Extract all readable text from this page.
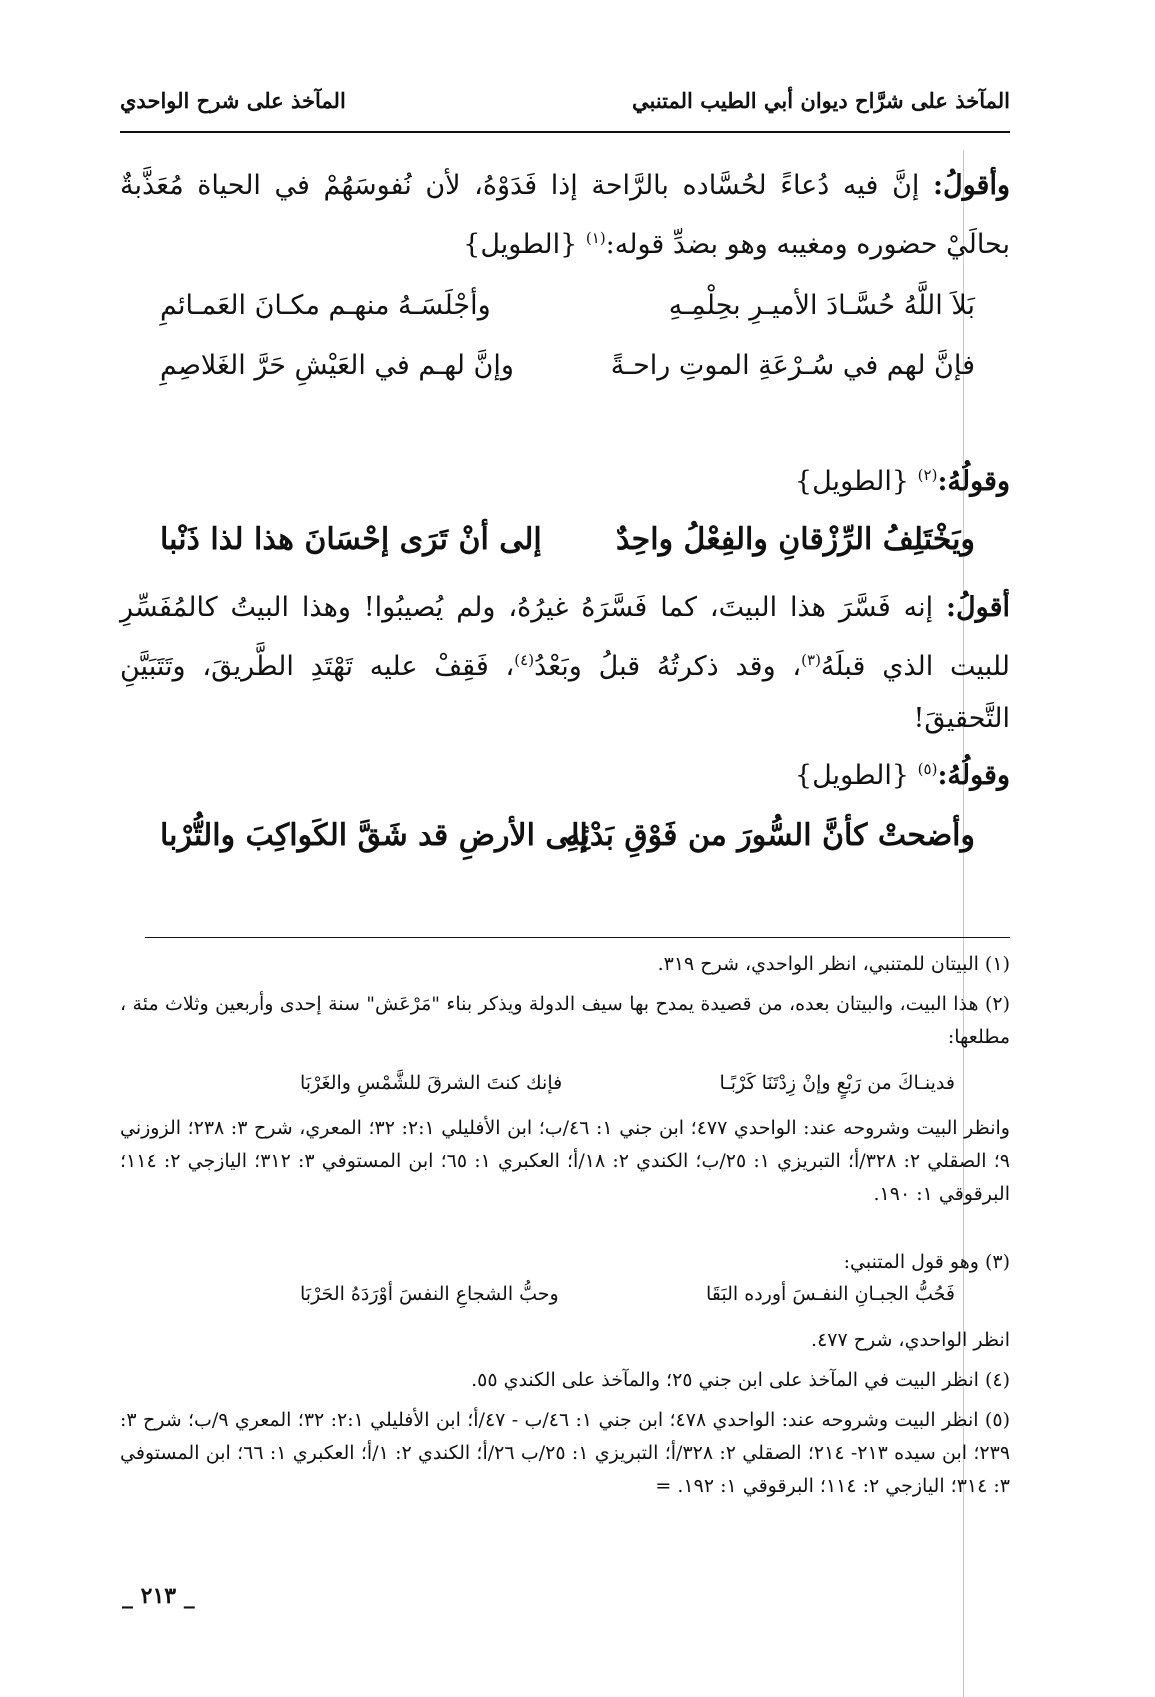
المآخذ على شرَّاح ديوان أبي الطيب المتنبي
المآخذ على شرح الواحدي
وأقولُ: إنَّ فيه دُعاءً لحُسَّاده بالرَّاحة إذا فَدَوْهُ، لأن نُفوسَهُمْ في الحياة مُعَذَّبةٌ بحالَيْ حضوره ومغيبه وهو بضدِّ قوله:$^{(١)}$ {الطويل}
بَلاَ اللَّهُ حُسَّـادَ الأميـرِ بحِلْمِـهِ
وأجْلَسَـهُ منهـم مكـانَ العَمـائمِ
فإنَّ لهم في سُـرْعَةِ الموتِ راحـةً
وإنَّ لهـم في العَيْشِ حَرَّ الغَلاصِمِ
وقولُهُ:$^{(٢)}$ {الطويل}
ويَخْتَلِفُ الرِّزْقانِ والفِعْلُ واحِدٌ
إلى أنْ تَرَى إحْسَانَ هذا لذا ذَنْبا
أقولُ: إنه فَسَّرَ هذا البيتَ، كما فَسَّرَهُ غيرُهُ، ولم يُصيبُوا! وهذا البيتُ كالمُفَسِّرِ للبيت الذي قبلَهُ$^{(٣)}$، وقد ذكرتُهُ قبلُ وبَعْدُ$^{(٤)}$، فَقِفْ عليه تَهْتَدِ الطَّريقَ، وتَتَبَيَّنِ التَّحقيقَ!
وقولُهُ:$^{(٥)}$ {الطويل}
وأضحتْ كأنَّ السُّورَ من فَوْقِ بَدْئِهِ
إلى الأرضِ قد شَقَّ الكَواكِبَ والتُّرْبا
(١) البيتان للمتنبي، انظر الواحدي، شرح ٣١٩.
(٢) هذا البيت، والبيتان بعده، من قصيدة يمدح بها سيف الدولة ويذكر بناء "مَرْعَش" سنة إحدى وأربعين وثلاث مئة ، مطلعها:
فدينـاكَ من رَبْعٍ وإنْ زِدْتَنَا كَرْبًـا
فإنك كنتَ الشرقَ للشَّمْسِ والغَرْبَا
وانظر البيت وشروحه عند: الواحدي ٤٧٧؛ ابن جني ١: ٤٦/ب؛ ابن الأفليلي ٢:١: ٣٢؛ المعري، شرح ٣: ٢٣٨؛ الزوزني ٩؛ الصقلي ٢: ٣٢٨/أ؛ التبريزي ١: ٢٥/ب؛ الكندي ٢: ١٨/أ؛ العكبري ١: ٦٥؛ ابن المستوفي ٣: ٣١٢؛ اليازجي ٢: ١١٤؛ البرقوقي ١: ١٩٠.
(٣) وهو قول المتنبي:
فَحُبُّ الجبـانِ النفـسَ أورده البَقَا
وحبُّ الشجاعِ النفسَ أوْرَدَهُ الحَرْبَا
انظر الواحدي، شرح ٤٧٧.
(٤) انظر البيت في المآخذ على ابن جني ٢٥؛ والمآخذ على الكندي ٥٥.
(٥) انظر البيت وشروحه عند: الواحدي ٤٧٨؛ ابن جني ١: ٤٦/ب - ٤٧/أ؛ ابن الأفليلي ٢:١: ٣٢؛ المعري ٩/ب؛ شرح ٣: ٢٣٩؛ ابن سيده ٢١٣- ٢١٤؛ الصقلي ٢: ٣٢٨/أ؛ التبريزي ١: ٢٥/ب ٢٦/أ؛ الكندي ٢: ١/أ؛ العكبري ١: ٦٦؛ ابن المستوفي ٣: ٣١٤؛ اليازجي ٢: ١١٤؛ البرقوقي ١: ١٩٢. =
_ ٢١٣ _
